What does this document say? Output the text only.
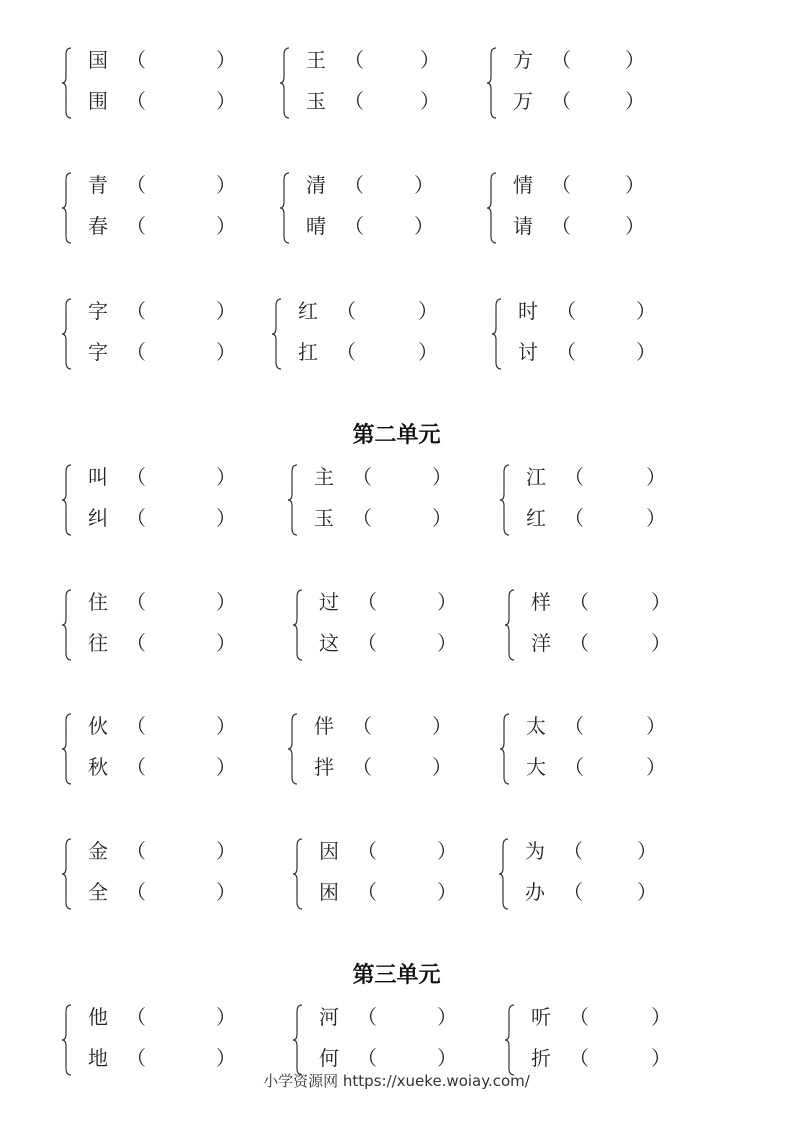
第二单元
第三单元
小学资源网 https://xueke.woiay.com/
国 （	）
围 （	）
王 （	）
玉 （	）
方 （	）
万 （	）
青 （	）
春 （	）
清 （	）
晴 （	）
情 （	）
请 （	）
字 （	）
字 （	）
红 （	）
扛 （	）
时 （	）
讨 （	）
叫 （	）
纠 （	）
主 （	）
玉 （	）
江 （	）
红 （	）
住 （	）
往 （	）
过 （	）
这 （	）
样 （	）
洋 （	）
伙 （	）
秋 （	）
伴 （	）
拌 （	）
太 （	）
大 （	）
金 （	）
全 （	）
因 （	）
困 （	）
为 （	）
办 （	）
他 （	）
地 （	）
河 （	）
何 （	）
听 （	）
折 （	）
